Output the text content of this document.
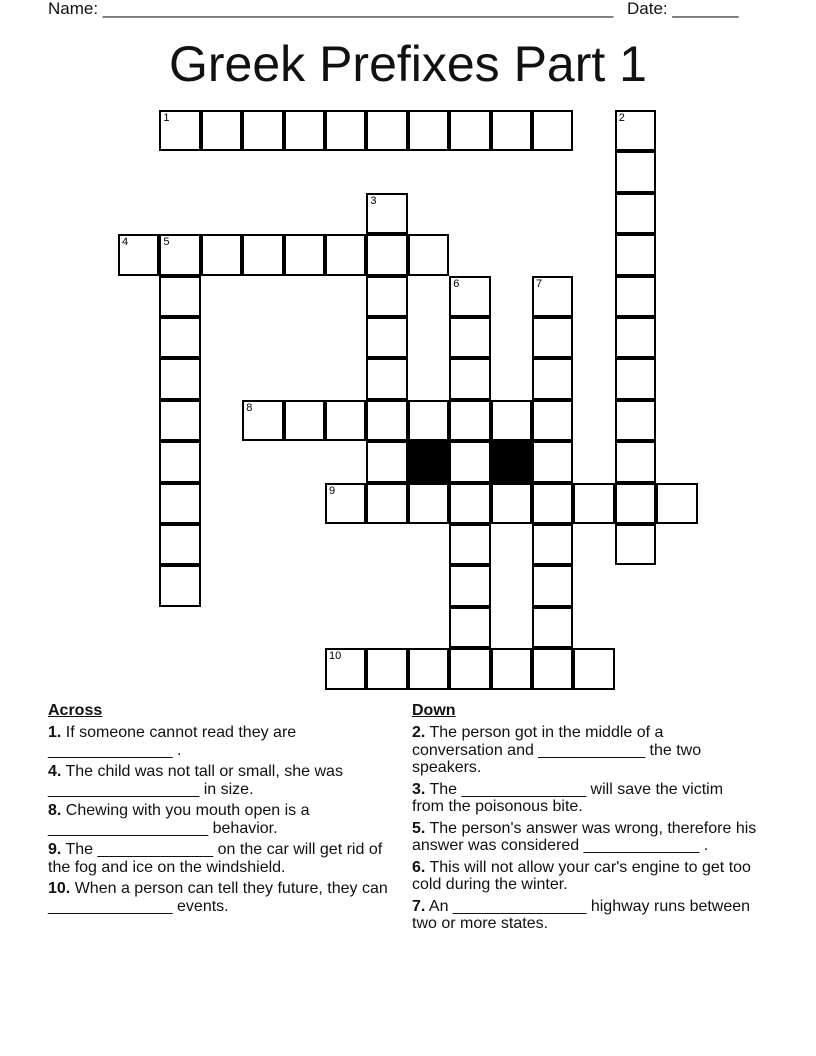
Name: ______________________________________________________ Date: _______
Greek Prefixes Part 1
1	2
3
4	5
6	7
8
9
10
Across
1. If someone cannot read they are ______________ .
4. The child was not tall or small, she was _________________ in size.
8. Chewing with you mouth open is a __________________ behavior.
9. The _____________ on the car will get rid of the fog and ice on the windshield.
10. When a person can tell they future, they can ______________ events.
Down
2. The person got in the middle of a conversation and ____________ the two speakers.
3. The ______________ will save the victim from the poisonous bite.
5. The person's answer was wrong, therefore his answer was considered _____________ .
6. This will not allow your car's engine to get too cold during the winter.
7. An _______________ highway runs between two or more states.
